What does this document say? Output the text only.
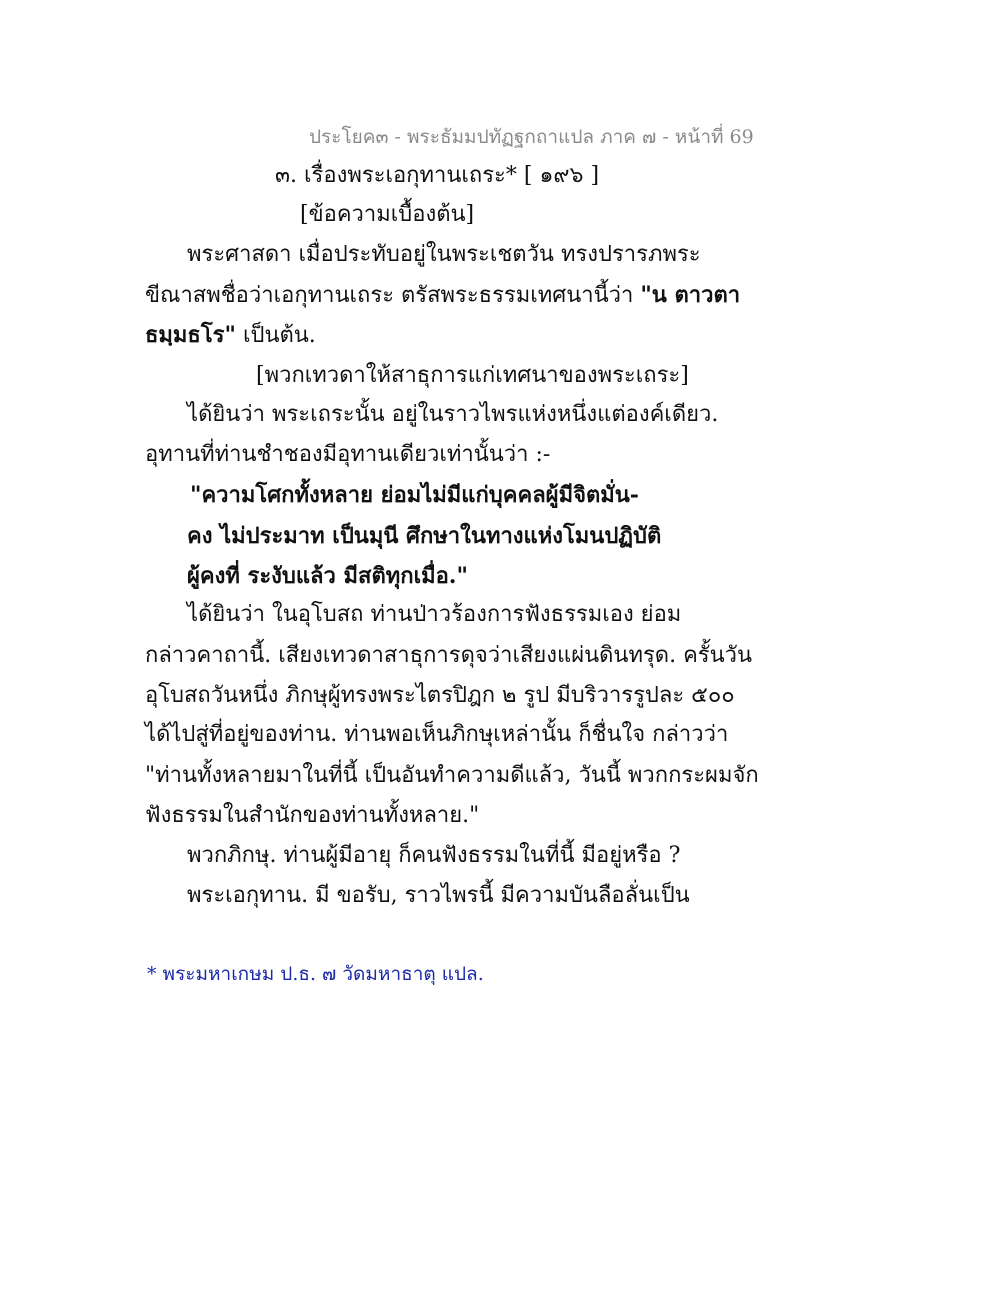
ประโยค๓ - พระธัมมปทัฏฐกถาแปล ภาค ๗ - หน้าที่ 69
๓. เรื่องพระเอกุทานเถระ* [ ๑๙๖ ]
[ข้อความเบื้องต้น]
พระศาสดา เมื่อประทับอยู่ในพระเชตวัน ทรงปรารภพระ
ขีณาสพชื่อว่าเอกุทานเถระ ตรัสพระธรรมเทศนานี้ว่า "น ตาวตา
ธมฺมธโร" เป็นต้น.
[พวกเทวดาให้สาธุการแก่เทศนาของพระเถระ]
ได้ยินว่า พระเถระนั้น อยู่ในราวไพรแห่งหนึ่งแต่องค์เดียว.
อุทานที่ท่านชำชองมีอุทานเดียวเท่านั้นว่า :-
"ความโศกทั้งหลาย ย่อมไม่มีแก่บุคคลผู้มีจิตมั่น-
คง ไม่ประมาท เป็นมุนี ศึกษาในทางแห่งโมนปฏิบัติ
ผู้คงที่ ระงับแล้ว มีสติทุกเมื่อ."
ได้ยินว่า ในอุโบสถ ท่านป่าวร้องการฟังธรรมเอง ย่อม
กล่าวคาถานี้. เสียงเทวดาสาธุการดุจว่าเสียงแผ่นดินทรุด. ครั้นวัน
อุโบสถวันหนึ่ง ภิกษุผู้ทรงพระไตรปิฎก ๒ รูป มีบริวารรูปละ ๕๐๐
ได้ไปสู่ที่อยู่ของท่าน. ท่านพอเห็นภิกษุเหล่านั้น ก็ชื่นใจ กล่าวว่า
"ท่านทั้งหลายมาในที่นี้ เป็นอันทำความดีแล้ว, วันนี้ พวกกระผมจัก
ฟังธรรมในสำนักของท่านทั้งหลาย."
พวกภิกษุ. ท่านผู้มีอายุ ก็คนฟังธรรมในที่นี้ มีอยู่หรือ ?
พระเอกุทาน. มี ขอรับ, ราวไพรนี้ มีความบันลือลั่นเป็น
* พระมหาเกษม ป.ธ. ๗ วัดมหาธาตุ แปล.
